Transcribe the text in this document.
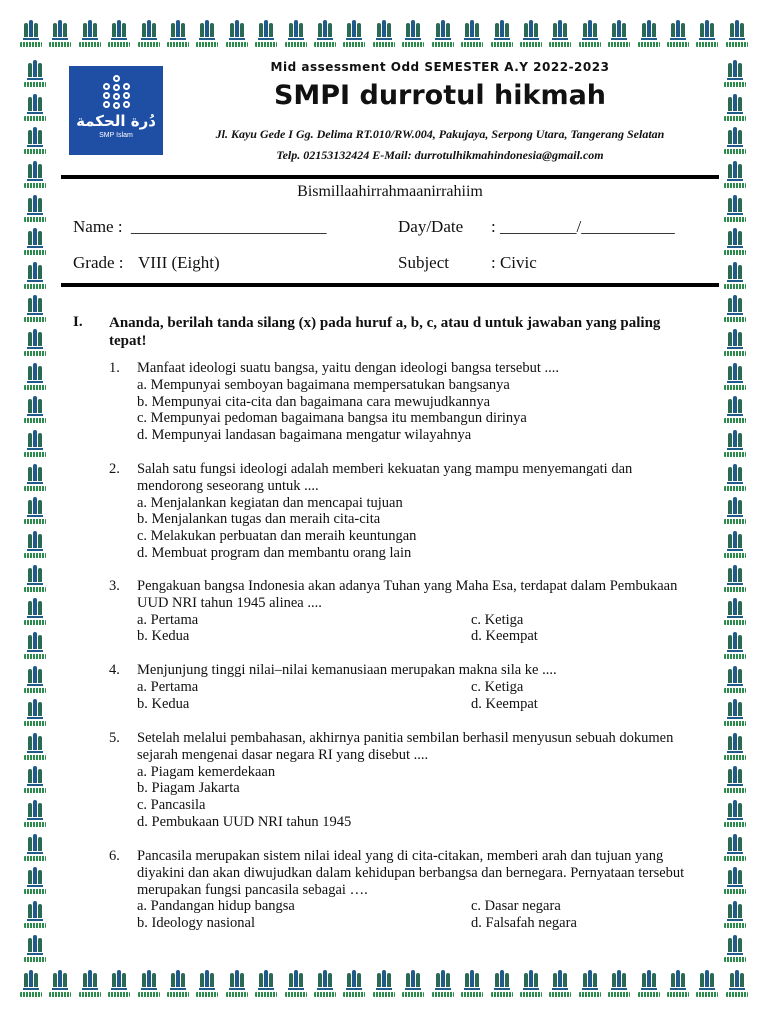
دُرة الحكمة
SMP Islam
Mid assessment Odd SEMESTER A.Y 2022-2023
SMPI durrotul hikmah
Jl. Kayu Gede I Gg. Delima RT.010/RW.004, Pakujaya, Serpong Utara, Tangerang Selatan
Telp. 02153132424 E-Mail: durrotulhikmahindonesia@gmail.com
Bismillaahirrahmaanirrahiim
Name : _______________________	Day/Date : _________/___________
Grade : VIII (Eight)	Subject : Civic
I. Ananda, berilah tanda silang (x) pada huruf a, b, c, atau d untuk jawaban yang paling tepat!
1. Manfaat ideologi suatu bangsa, yaitu dengan ideologi bangsa tersebut ....
a. Mempunyai semboyan bagaimana mempersatukan bangsanya
b. Mempunyai cita-cita dan bagaimana cara mewujudkannya
c. Mempunyai pedoman bagaimana bangsa itu membangun dirinya
d. Mempunyai landasan bagaimana mengatur wilayahnya
2. Salah satu fungsi ideologi adalah memberi kekuatan yang mampu menyemangati dan mendorong seseorang untuk ....
a. Menjalankan kegiatan dan mencapai tujuan
b. Menjalankan tugas dan meraih cita-cita
c. Melakukan perbuatan dan meraih keuntungan
d. Membuat program dan membantu orang lain
3. Pengakuan bangsa Indonesia akan adanya Tuhan yang Maha Esa, terdapat dalam Pembukaan UUD NRI tahun 1945 alinea ....
a. Pertama	c. Ketiga
b. Kedua	d. Keempat
4. Menjunjung tinggi nilai–nilai kemanusiaan merupakan makna sila ke ....
a. Pertama	c. Ketiga
b. Kedua	d. Keempat
5. Setelah melalui pembahasan, akhirnya panitia sembilan berhasil menyusun sebuah dokumen sejarah mengenai dasar negara RI yang disebut ....
a. Piagam kemerdekaan
b. Piagam Jakarta
c. Pancasila
d. Pembukaan UUD NRI tahun 1945
6. Pancasila merupakan sistem nilai ideal yang di cita-citakan, memberi arah dan tujuan yang diyakini dan akan diwujudkan dalam kehidupan berbangsa dan bernegara. Pernyataan tersebut merupakan fungsi pancasila sebagai ….
a. Pandangan hidup bangsa	c. Dasar negara
b. Ideology nasional	d. Falsafah negara
